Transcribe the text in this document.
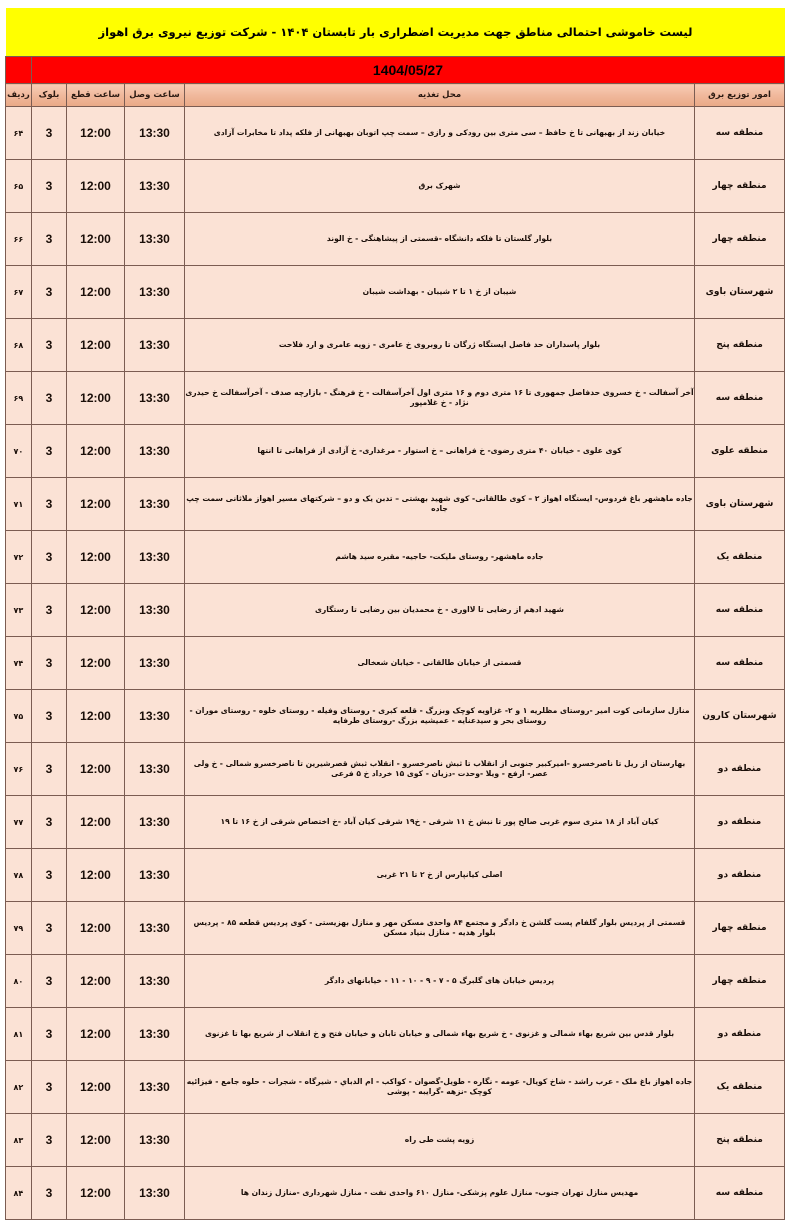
لیست خاموشی احتمالی مناطق جهت مدیریت اضطراری بار تابستان ۱۴۰۴ - شرکت توزیع نیروی برق اهواز
1404/05/27					
امور توزیع برق	محل تغذیه	ساعت وصل	ساعت قطع	بلوک	ردیف
منطقه سه	خیابان زند از بهبهانی تا خ حافظ – سی متری بین رودکی و رازی – سمت چپ اتوبان بهبهانی از فلکه پداد تا مخابرات آزادی	13:30	12:00	3	۶۴
منطقه چهار	شهرک برق	13:30	12:00	3	۶۵
منطقه چهار	بلوار گلستان تا فلکه دانشگاه -قسمتی از پیشاهنگی - خ الوند	13:30	12:00	3	۶۶
شهرستان باوی	شیبان از خ ۱ تا ۲ شیبان - بهداشت شیبان	13:30	12:00	3	۶۷
منطقه پنج	بلوار پاسداران حد فاصل ایستگاه ژرگان تا روبروی خ عامری - زویه عامری و ارد فلاحت	13:30	12:00	3	۶۸
منطقه سه	آخر آسفالت - خ خسروی حدفاصل جمهوری تا ۱۶ متری دوم و ۱۶ متری اول آخرآسفالت - خ فرهنگ - بازارچه صدف - آخرآسفالت خ حیدری نژاد - خ غلامپور	13:30	12:00	3	۶۹
منطقه علوی	کوی علوی - خیابان ۴۰ متری رضوی- خ فراهانی – خ استوار - مرغداری- خ آزادی از فراهانی تا انتها	13:30	12:00	3	۷۰
شهرستان باوی	جاده ماهشهر باغ فردوس- ایستگاه اهواز ۲ – کوی طالقانی- کوی شهید بهشتی – تدبن یک و دو – شرکتهای مسیر اهواز ملاثانی سمت چپ جاده	13:30	12:00	3	۷۱
منطقه یک	جاده ماهشهر- روستای ملیکت- حاجیه- مقبره سید هاشم	13:30	12:00	3	۷۲
منطقه سه	شهید ادهم از رضایی تا لااوری - خ محمدیان بین رضایی تا رستگاری	13:30	12:00	3	۷۳
منطقه سه	قسمتی از خیابان طالقانی - خیابان شعخالی	13:30	12:00	3	۷۴
شهرستان کارون	منازل سازمانی کوت امیر -روستای مظلریه ۱ و ۲- غزاویه کوچک وبزرگ - قلعه کبری - روستای وفیله - روستای خلوه - روستای موران - روستای بحر و سیدعنایه - عمیشیه بزرگ -روستای طرفایه	13:30	12:00	3	۷۵
منطقه دو	بهارستان از ریل تا ناصرخسرو -امیرکبیر جنوبی از انقلاب تا ثبش ناصرخسرو - انقلاب ثبش قصرشیرین تا ناصرخسرو شمالی - خ ولی عصر- ارفع - ویلا -وحدت -دزیان - کوی ۱۵ خرداد خ ۵ فرعی	13:30	12:00	3	۷۶
منطقه دو	کیان آباد از ۱۸ متری سوم غربی صالح پور تا نبش خ ۱۱ شرقی - خ۱۹ شرقی کیان آباد -خ اختصاص شرقی از خ ۱۶ تا ۱۹	13:30	12:00	3	۷۷
منطقه دو	اصلی کیانپارس از خ ۲ تا ۲۱ غربی	13:30	12:00	3	۷۸
منطقه چهار	قسمتی از پردیس بلوار گلفام پست گلشن خ دادگر و مجتمع ۸۴ واحدی مسکن مهر و منازل بهزیستی - کوی پردیس قطعه ۸۵ - پردیس بلوار هدیه - منازل بنیاد مسکن	13:30	12:00	3	۷۹
منطقه چهار	پردیس خیابان های گلبرگ ۵ - ۷ - ۹ - ۱۰ - ۱۱ - خیابانهای دادگر	13:30	12:00	3	۸۰
منطقه دو	بلوار قدس بین شریع بهاء شمالی و غزنوی - خ شریع بهاء شمالی و خیابان تابان و خیابان فتح و خ انقلاب از شریع بها تا غزنوی	13:30	12:00	3	۸۱
منطقه یک	جاده اهواز باغ ملک - عرب راشد - شاخ کویال- عومه - نگاره - طویل-گصوان - کواکب - ام الدباي - شیرگاه - شجرات - حلوه جامع - فیزائیه کوچک -نزهه -گرایبه - پوشی	13:30	12:00	3	۸۲
منطقه پنج	زویه پشت طی راه	13:30	12:00	3	۸۳
منطقه سه	مهدیس منازل تهران جنوب- منازل علوم پزشکی- منازل ۶۱۰ واحدی نفت - منازل شهرداری -منازل زندان ها	13:30	12:00	3	۸۴
